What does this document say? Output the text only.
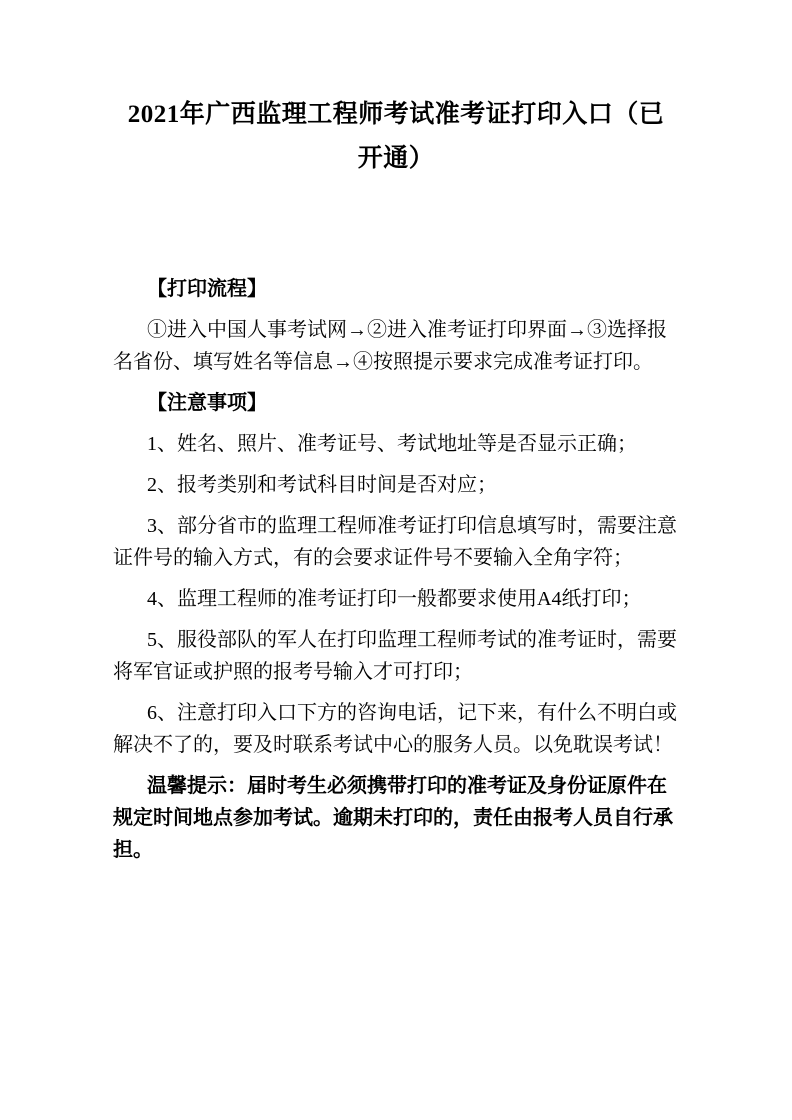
2021年广西监理工程师考试准考证打印入口（已开通）

【打印流程】

①进入中国人事考试网→②进入准考证打印界面→③选择报名省份、填写姓名等信息→④按照提示要求完成准考证打印。

【注意事项】

1、姓名、照片、准考证号、考试地址等是否显示正确；

2、报考类别和考试科目时间是否对应；

3、部分省市的监理工程师准考证打印信息填写时，需要注意证件号的输入方式，有的会要求证件号不要输入全角字符；

4、监理工程师的准考证打印一般都要求使用A4纸打印；

5、服役部队的军人在打印监理工程师考试的准考证时，需要将军官证或护照的报考号输入才可打印；

6、注意打印入口下方的咨询电话，记下来，有什么不明白或解决不了的，要及时联系考试中心的服务人员。以免耽误考试！

温馨提示：届时考生必须携带打印的准考证及身份证原件在规定时间地点参加考试。逾期未打印的，责任由报考人员自行承担。
